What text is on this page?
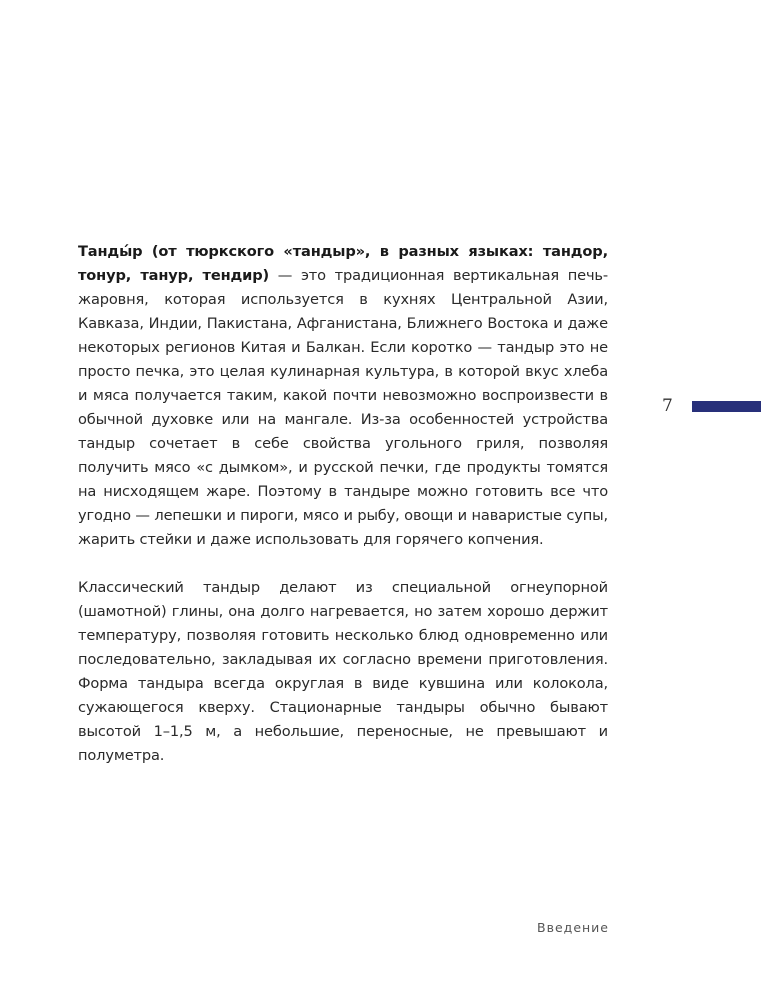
Танды́р (от тюркского «тандыр», в разных языках: тандор, тонур, танур, тендир) — это традиционная вертикальная печь-жаровня, которая используется в кухнях Центральной Азии, Кавказа, Индии, Пакистана, Афганистана, Ближнего Востока и даже некоторых регионов Китая и Балкан. Если коротко — тандыр это не просто печка, это целая кулинарная культура, в которой вкус хлеба и мяса получается таким, какой почти невозможно воспроизвести в обычной духовке или на мангале. Из-за особенностей устройства тандыр сочетает в себе свойства угольного гриля, позволяя получить мясо «с дымком», и русской печки, где продукты томятся на нисходящем жаре. Поэтому в тандыре можно готовить все что угодно — лепешки и пироги, мясо и рыбу, овощи и наваристые супы, жарить стейки и даже использовать для горячего копчения.

Классический тандыр делают из специальной огнеупорной (шамотной) глины, она долго нагревается, но затем хорошо держит температуру, позволяя готовить несколько блюд одновременно или последовательно, закладывая их согласно времени приготовления. Форма тандыра всегда округлая в виде кувшина или колокола, сужающегося кверху. Стационарные тандыры обычно бывают высотой 1–1,5 м, а небольшие, переносные, не превышают и полуметра.

7
Введение
